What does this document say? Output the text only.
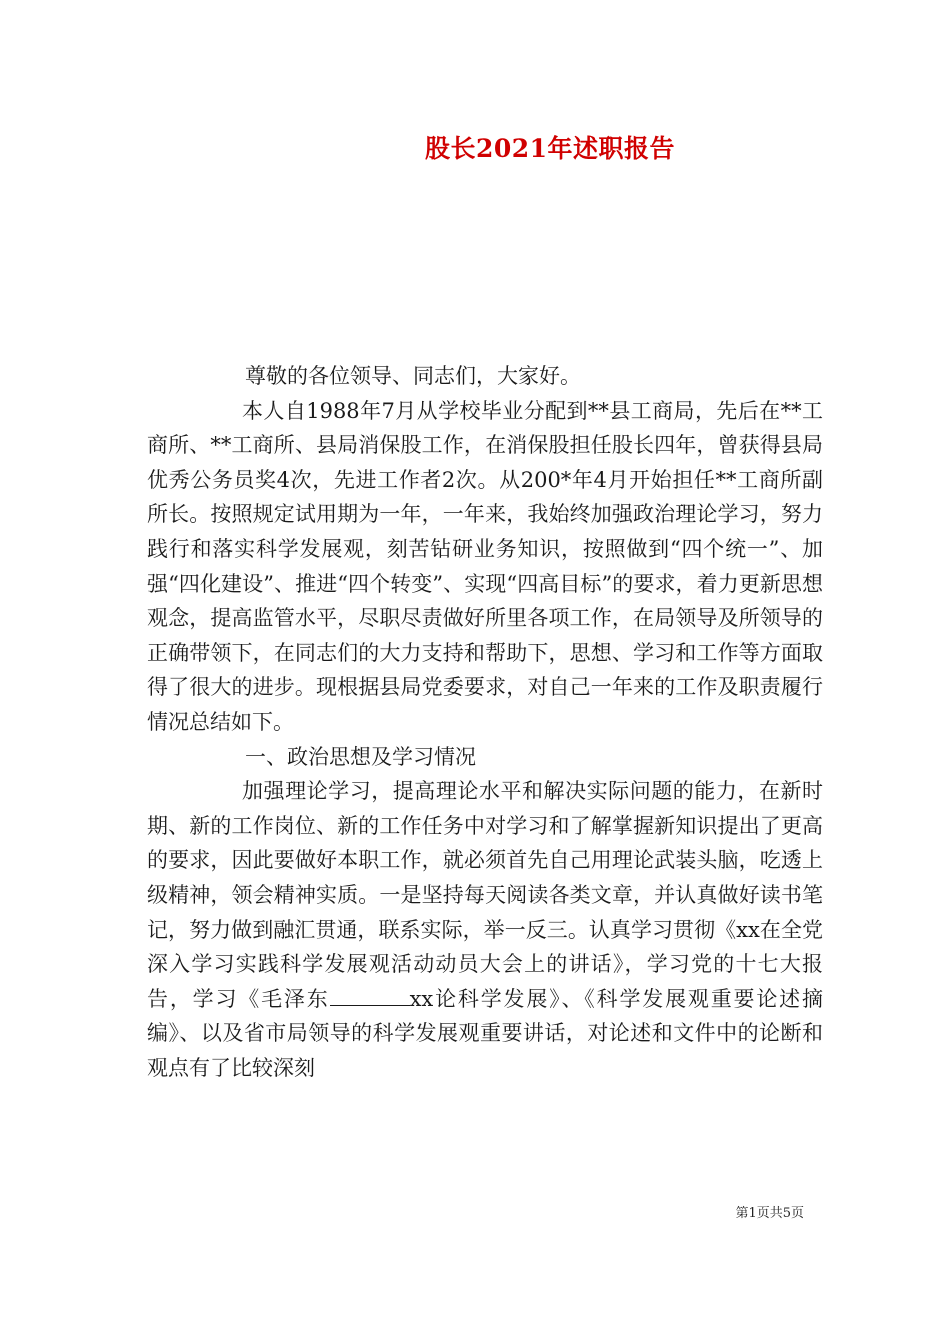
股长2021年述职报告

尊敬的各位领导、同志们，大家好。

本人自1988年7月从学校毕业分配到**县工商局，先后在**工商所、**工商所、县局消保股工作，在消保股担任股长四年，曾获得县局优秀公务员奖4次，先进工作者2次。从200*年4月开始担任**工商所副所长。按照规定试用期为一年，一年来，我始终加强政治理论学习，努力践行和落实科学发展观，刻苦钻研业务知识，按照做到“四个统一”、加强“四化建设”、推进“四个转变”、实现“四高目标”的要求，着力更新思想观念，提高监管水平，尽职尽责做好所里各项工作，在局领导及所领导的正确带领下，在同志们的大力支持和帮助下，思想、学习和工作等方面取得了很大的进步。现根据县局党委要求，对自己一年来的工作及职责履行情况总结如下。

一、政治思想及学习情况

加强理论学习，提高理论水平和解决实际问题的能力，在新时期、新的工作岗位、新的工作任务中对学习和了解掌握新知识提出了更高的要求，因此要做好本职工作，就必须首先自己用理论武装头脑，吃透上级精神，领会精神实质。一是坚持每天阅读各类文章，并认真做好读书笔记，努力做到融汇贯通，联系实际，举一反三。认真学习贯彻《xx在全党深入学习实践科学发展观活动动员大会上的讲话》，学习党的十七大报告，学习《毛泽东	xx论科学发展》、《科学发展观重要论述摘编》、以及省市局领导的科学发展观重要讲话，对论述和文件中的论断和观点有了比较深刻

第1页共5页
